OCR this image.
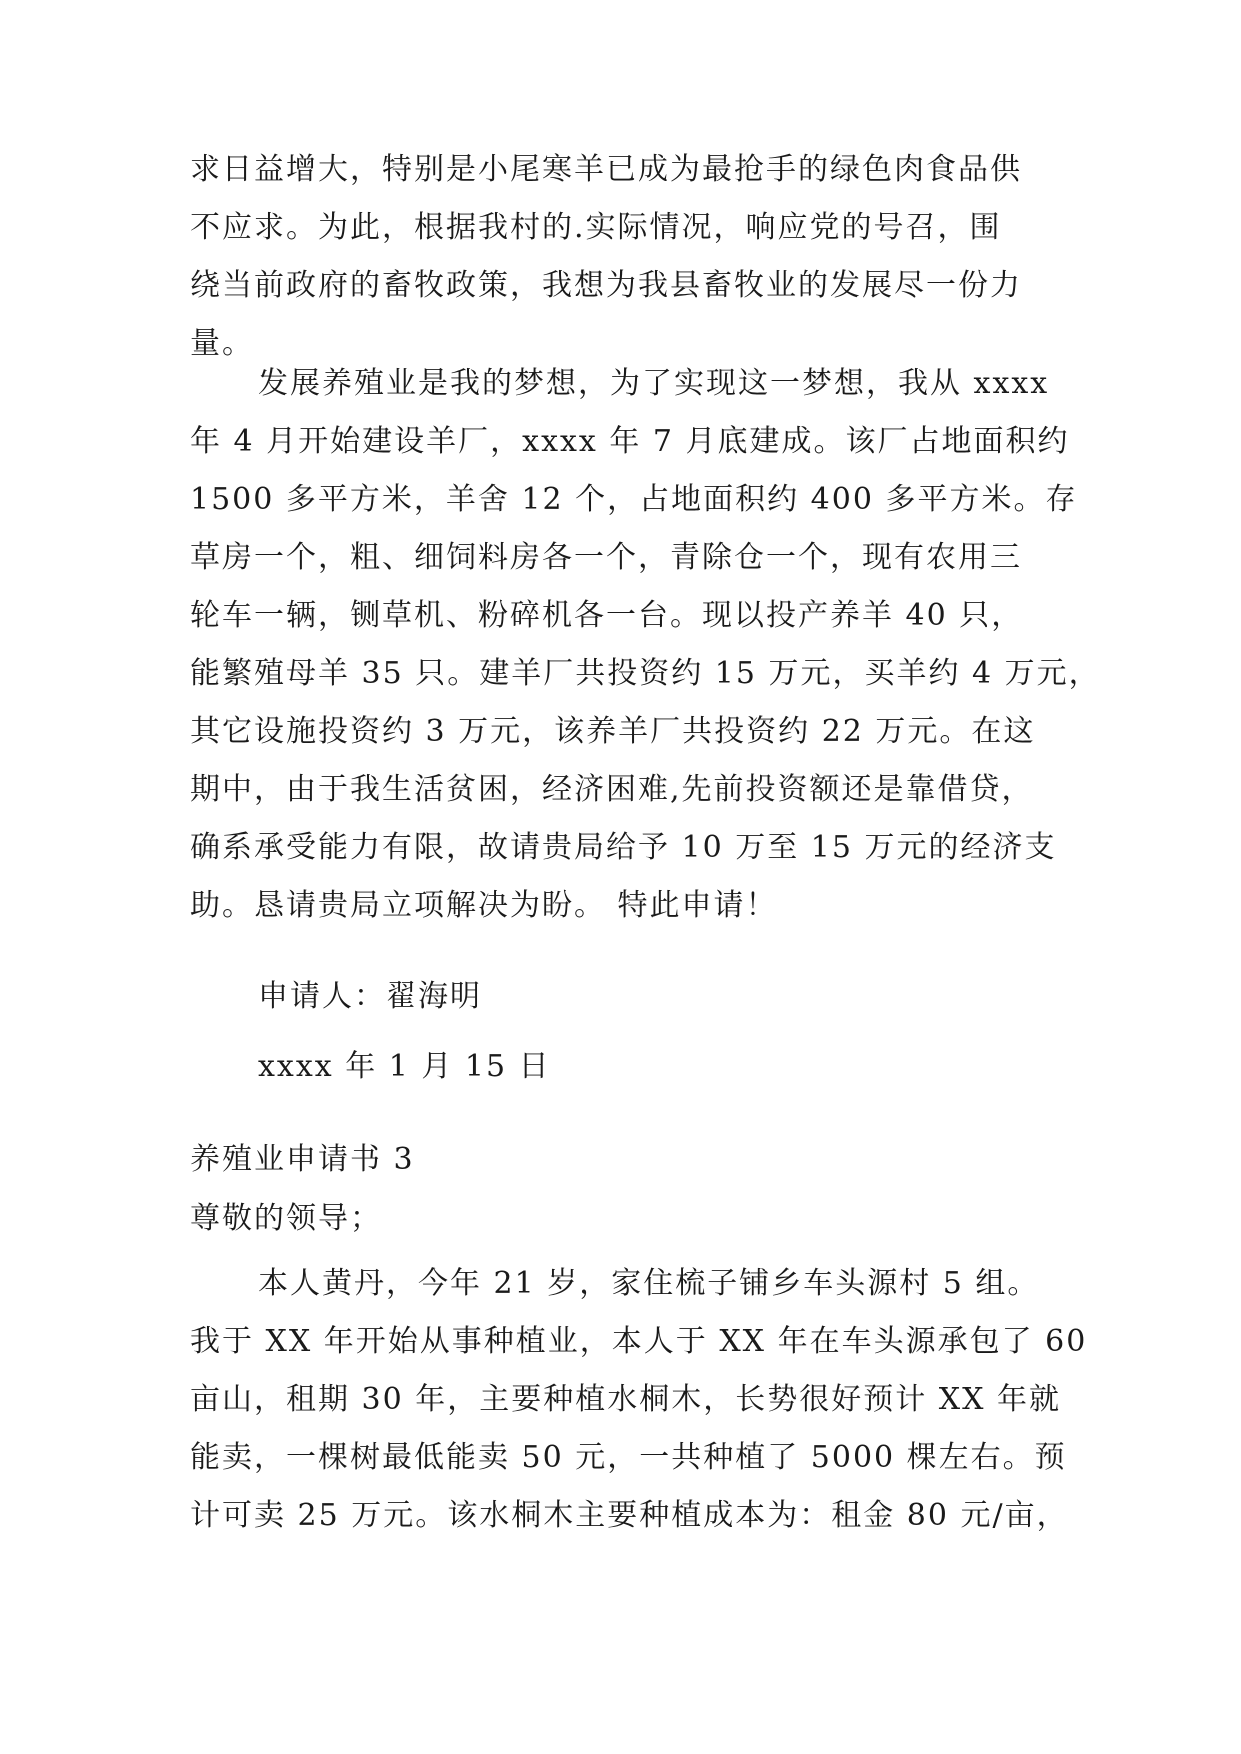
求日益增大，特别是小尾寒羊已成为最抢手的绿色肉食品供
不应求。为此，根据我村的.实际情况，响应党的号召，围
绕当前政府的畜牧政策，我想为我县畜牧业的发展尽一份力
量。
发展养殖业是我的梦想，为了实现这一梦想，我从 xxxx
年 4 月开始建设羊厂，xxxx 年 7 月底建成。该厂占地面积约
1500 多平方米，羊舍 12 个，占地面积约 400 多平方米。存
草房一个，粗、细饲料房各一个，青除仓一个，现有农用三
轮车一辆，铡草机、粉碎机各一台。现以投产养羊 40 只，
能繁殖母羊 35 只。建羊厂共投资约 15 万元，买羊约 4 万元，
其它设施投资约 3 万元，该养羊厂共投资约 22 万元。在这
期中，由于我生活贫困，经济困难,先前投资额还是靠借贷，
确系承受能力有限，故请贵局给予 10 万至 15 万元的经济支
助。恳请贵局立项解决为盼。 特此申请！
申请人：翟海明
xxxx 年 1 月 15 日
养殖业申请书 3
尊敬的领导；
本人黄丹，今年 21 岁，家住梳子铺乡车头源村 5 组。
我于 XX 年开始从事种植业，本人于 XX 年在车头源承包了 60
亩山，租期 30 年，主要种植水桐木，长势很好预计 XX 年就
能卖，一棵树最低能卖 50 元，一共种植了 5000 棵左右。预
计可卖 25 万元。该水桐木主要种植成本为：租金 80 元/亩，
